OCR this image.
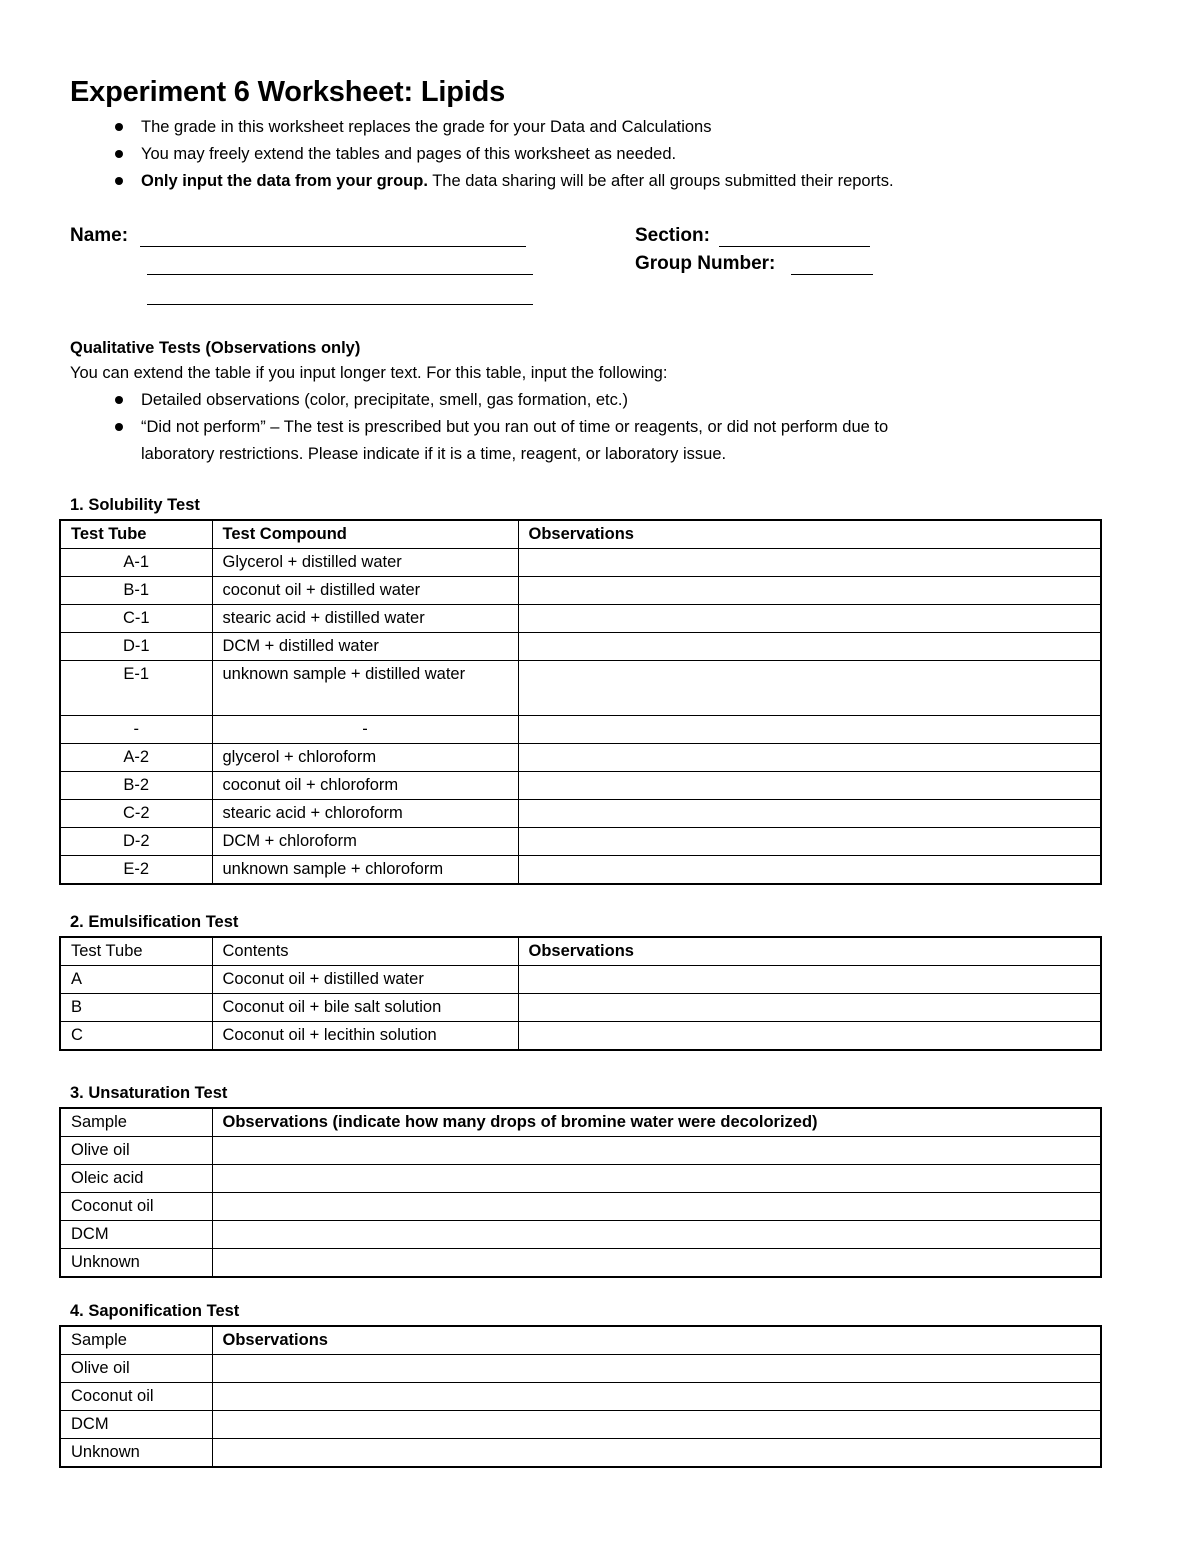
Experiment 6 Worksheet: Lipids
The grade in this worksheet replaces the grade for your Data and Calculations
You may freely extend the tables and pages of this worksheet as needed.
Only input the data from your group. The data sharing will be after all groups submitted their reports.
Name:	Section:
Group Number:
Qualitative Tests (Observations only)
You can extend the table if you input longer text. For this table, input the following:
Detailed observations (color, precipitate, smell, gas formation, etc.)
“Did not perform” – The test is prescribed but you ran out of time or reagents, or did not perform due to
laboratory restrictions. Please indicate if it is a time, reagent, or laboratory issue.
1. Solubility Test
Test Tube	Test Compound	Observations
A-1	Glycerol + distilled water	
B-1	coconut oil + distilled water	
C-1	stearic acid + distilled water	
D-1	DCM + distilled water	
E-1	unknown sample + distilled water	
-	-	
A-2	glycerol + chloroform	
B-2	coconut oil + chloroform	
C-2	stearic acid + chloroform	
D-2	DCM + chloroform	
E-2	unknown sample + chloroform	
2. Emulsification Test
Test Tube	Contents	Observations
A	Coconut oil + distilled water	
B	Coconut oil + bile salt solution	
C	Coconut oil + lecithin solution	
3. Unsaturation Test
Sample	Observations (indicate how many drops of bromine water were decolorized)
Olive oil	
Oleic acid	
Coconut oil	
DCM	
Unknown	
4. Saponification Test
Sample	Observations
Olive oil	
Coconut oil	
DCM	
Unknown	
